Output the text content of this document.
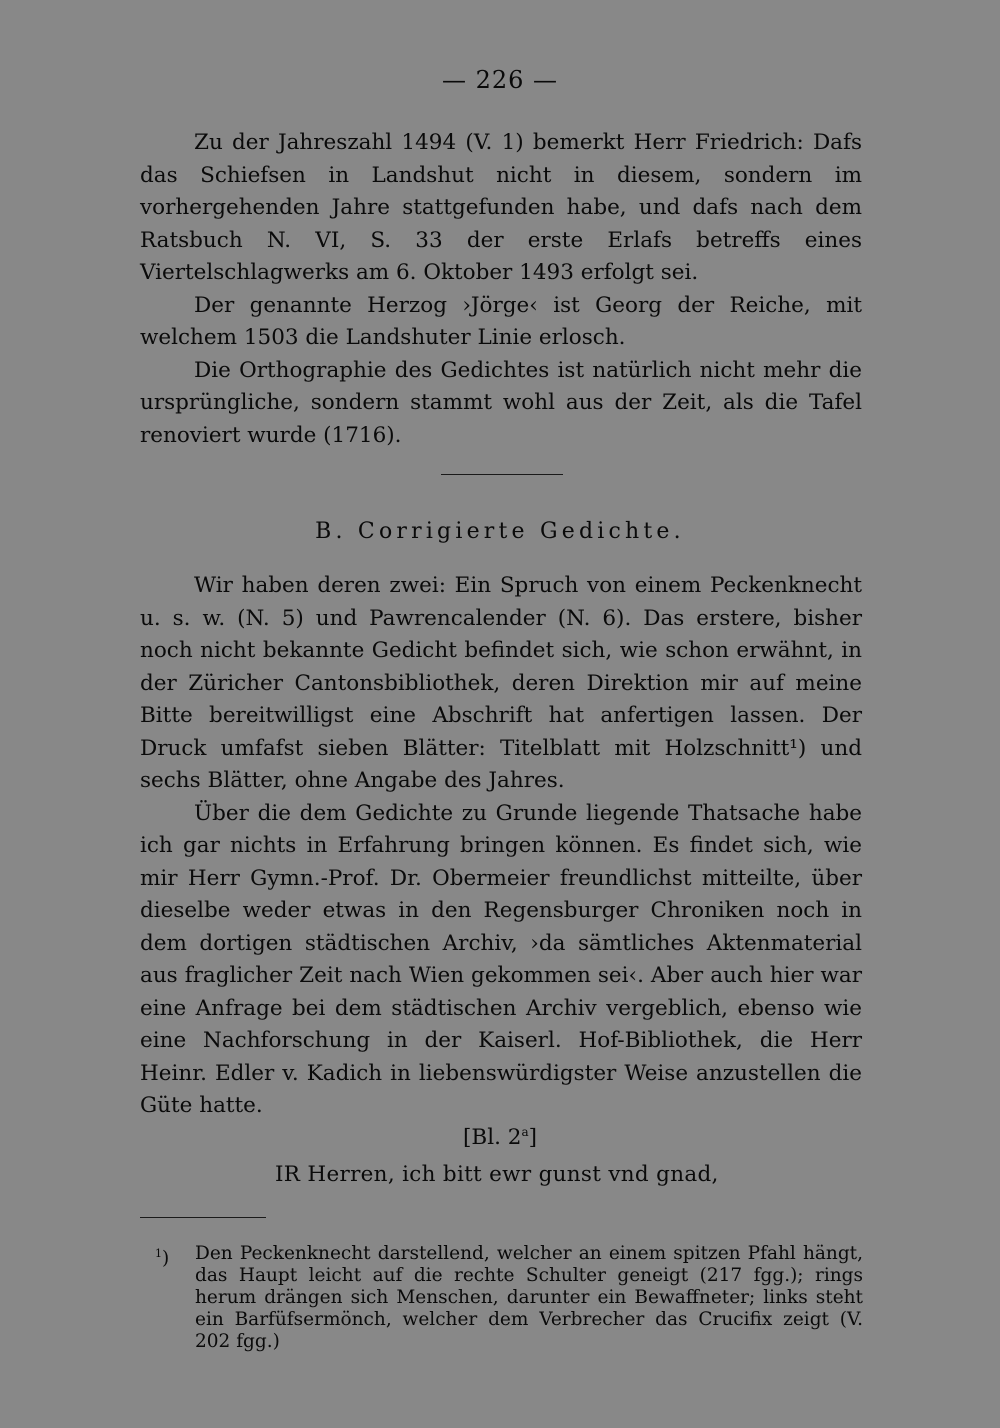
— 226 —

Zu der Jahreszahl 1494 (V. 1) bemerkt Herr Friedrich: Dafs das Schiefsen in Landshut nicht in diesem, sondern im vorhergehenden Jahre stattgefunden habe, und dafs nach dem Ratsbuch N. VI, S. 33 der erste Erlafs betreffs eines Viertelschlagwerks am 6. Oktober 1493 erfolgt sei.

Der genannte Herzog ›Jörge‹ ist Georg der Reiche, mit welchem 1503 die Landshuter Linie erlosch.

Die Orthographie des Gedichtes ist natürlich nicht mehr die ursprüngliche, sondern stammt wohl aus der Zeit, als die Tafel renoviert wurde (1716).

B. Corrigierte Gedichte.

Wir haben deren zwei: Ein Spruch von einem Peckenknecht u. s. w. (N. 5) und Pawrencalender (N. 6). Das erstere, bisher noch nicht bekannte Gedicht befindet sich, wie schon erwähnt, in der Züricher Cantonsbibliothek, deren Direktion mir auf meine Bitte bereitwilligst eine Abschrift hat anfertigen lassen. Der Druck umfafst sieben Blätter: Titelblatt mit Holzschnitt¹) und sechs Blätter, ohne Angabe des Jahres.

Über die dem Gedichte zu Grunde liegende Thatsache habe ich gar nichts in Erfahrung bringen können. Es findet sich, wie mir Herr Gymn.-Prof. Dr. Obermeier freundlichst mitteilte, über dieselbe weder etwas in den Regensburger Chroniken noch in dem dortigen städtischen Archiv, ›da sämtliches Aktenmaterial aus fraglicher Zeit nach Wien gekommen sei‹. Aber auch hier war eine Anfrage bei dem städtischen Archiv vergeblich, ebenso wie eine Nachforschung in der Kaiserl. Hof-Bibliothek, die Herr Heinr. Edler v. Kadich in liebenswürdigster Weise anzustellen die Güte hatte.

[Bl. 2$^a$]
IR Herren, ich bitt ewr gunst vnd gnad,
$^1$) Den Peckenknecht darstellend, welcher an einem spitzen Pfahl hängt, das Haupt leicht auf die rechte Schulter geneigt (217 fgg.); rings herum drängen sich Menschen, darunter ein Bewaffneter; links steht ein Barfüfsermönch, welcher dem Verbrecher das Crucifix zeigt (V. 202 fgg.)
